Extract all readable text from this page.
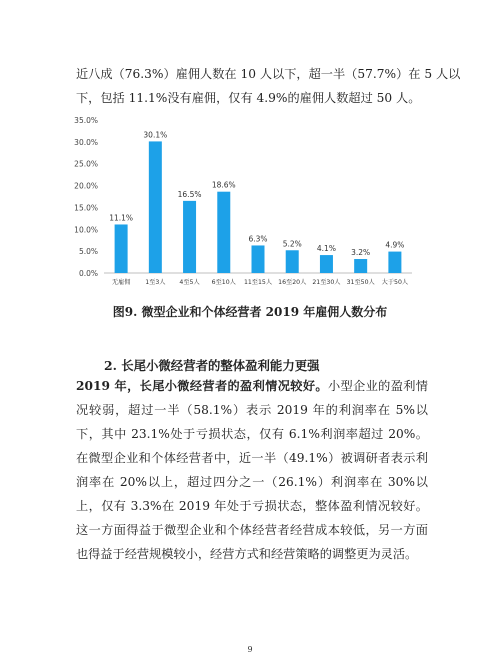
近八成（76.3%）雇佣人数在 10 人以下，超一半（57.7%）在 5 人以
下，包括 11.1%没有雇佣，仅有 4.9%的雇佣人数超过 50 人。
0.0%
5.0%
10.0%
15.0%
20.0%
25.0%
30.0%
35.0%
11.1%
30.1%
16.5%
18.6%
6.3%
5.2%
4.1% 3.2%
4.9%
无雇佣 1至3人 4至5人 6至10人 11至15人 16至20人 21至30人 31至50人 大于50人
图9. 微型企业和个体经营者 2019 年雇佣人数分布
2. 长尾小微经营者的整体盈利能力更强
2019 年，长尾小微经营者的盈利情况较好。小型企业的盈利情况较弱，超过一半（58.1%）表示 2019 年的利润率在 5%以下，其中 23.1%处于亏损状态，仅有 6.1%利润率超过 20%。在微型企业和个体经营者中，近一半（49.1%）被调研者表示利润率在 20%以上，超过四分之一（26.1%）利润率在 30%以上，仅有 3.3%在 2019 年处于亏损状态，整体盈利情况较好。这一方面得益于微型企业和个体经营者经营成本较低，另一方面也得益于经营规模较小，经营方式和经营策略的调整更为灵活。
9
